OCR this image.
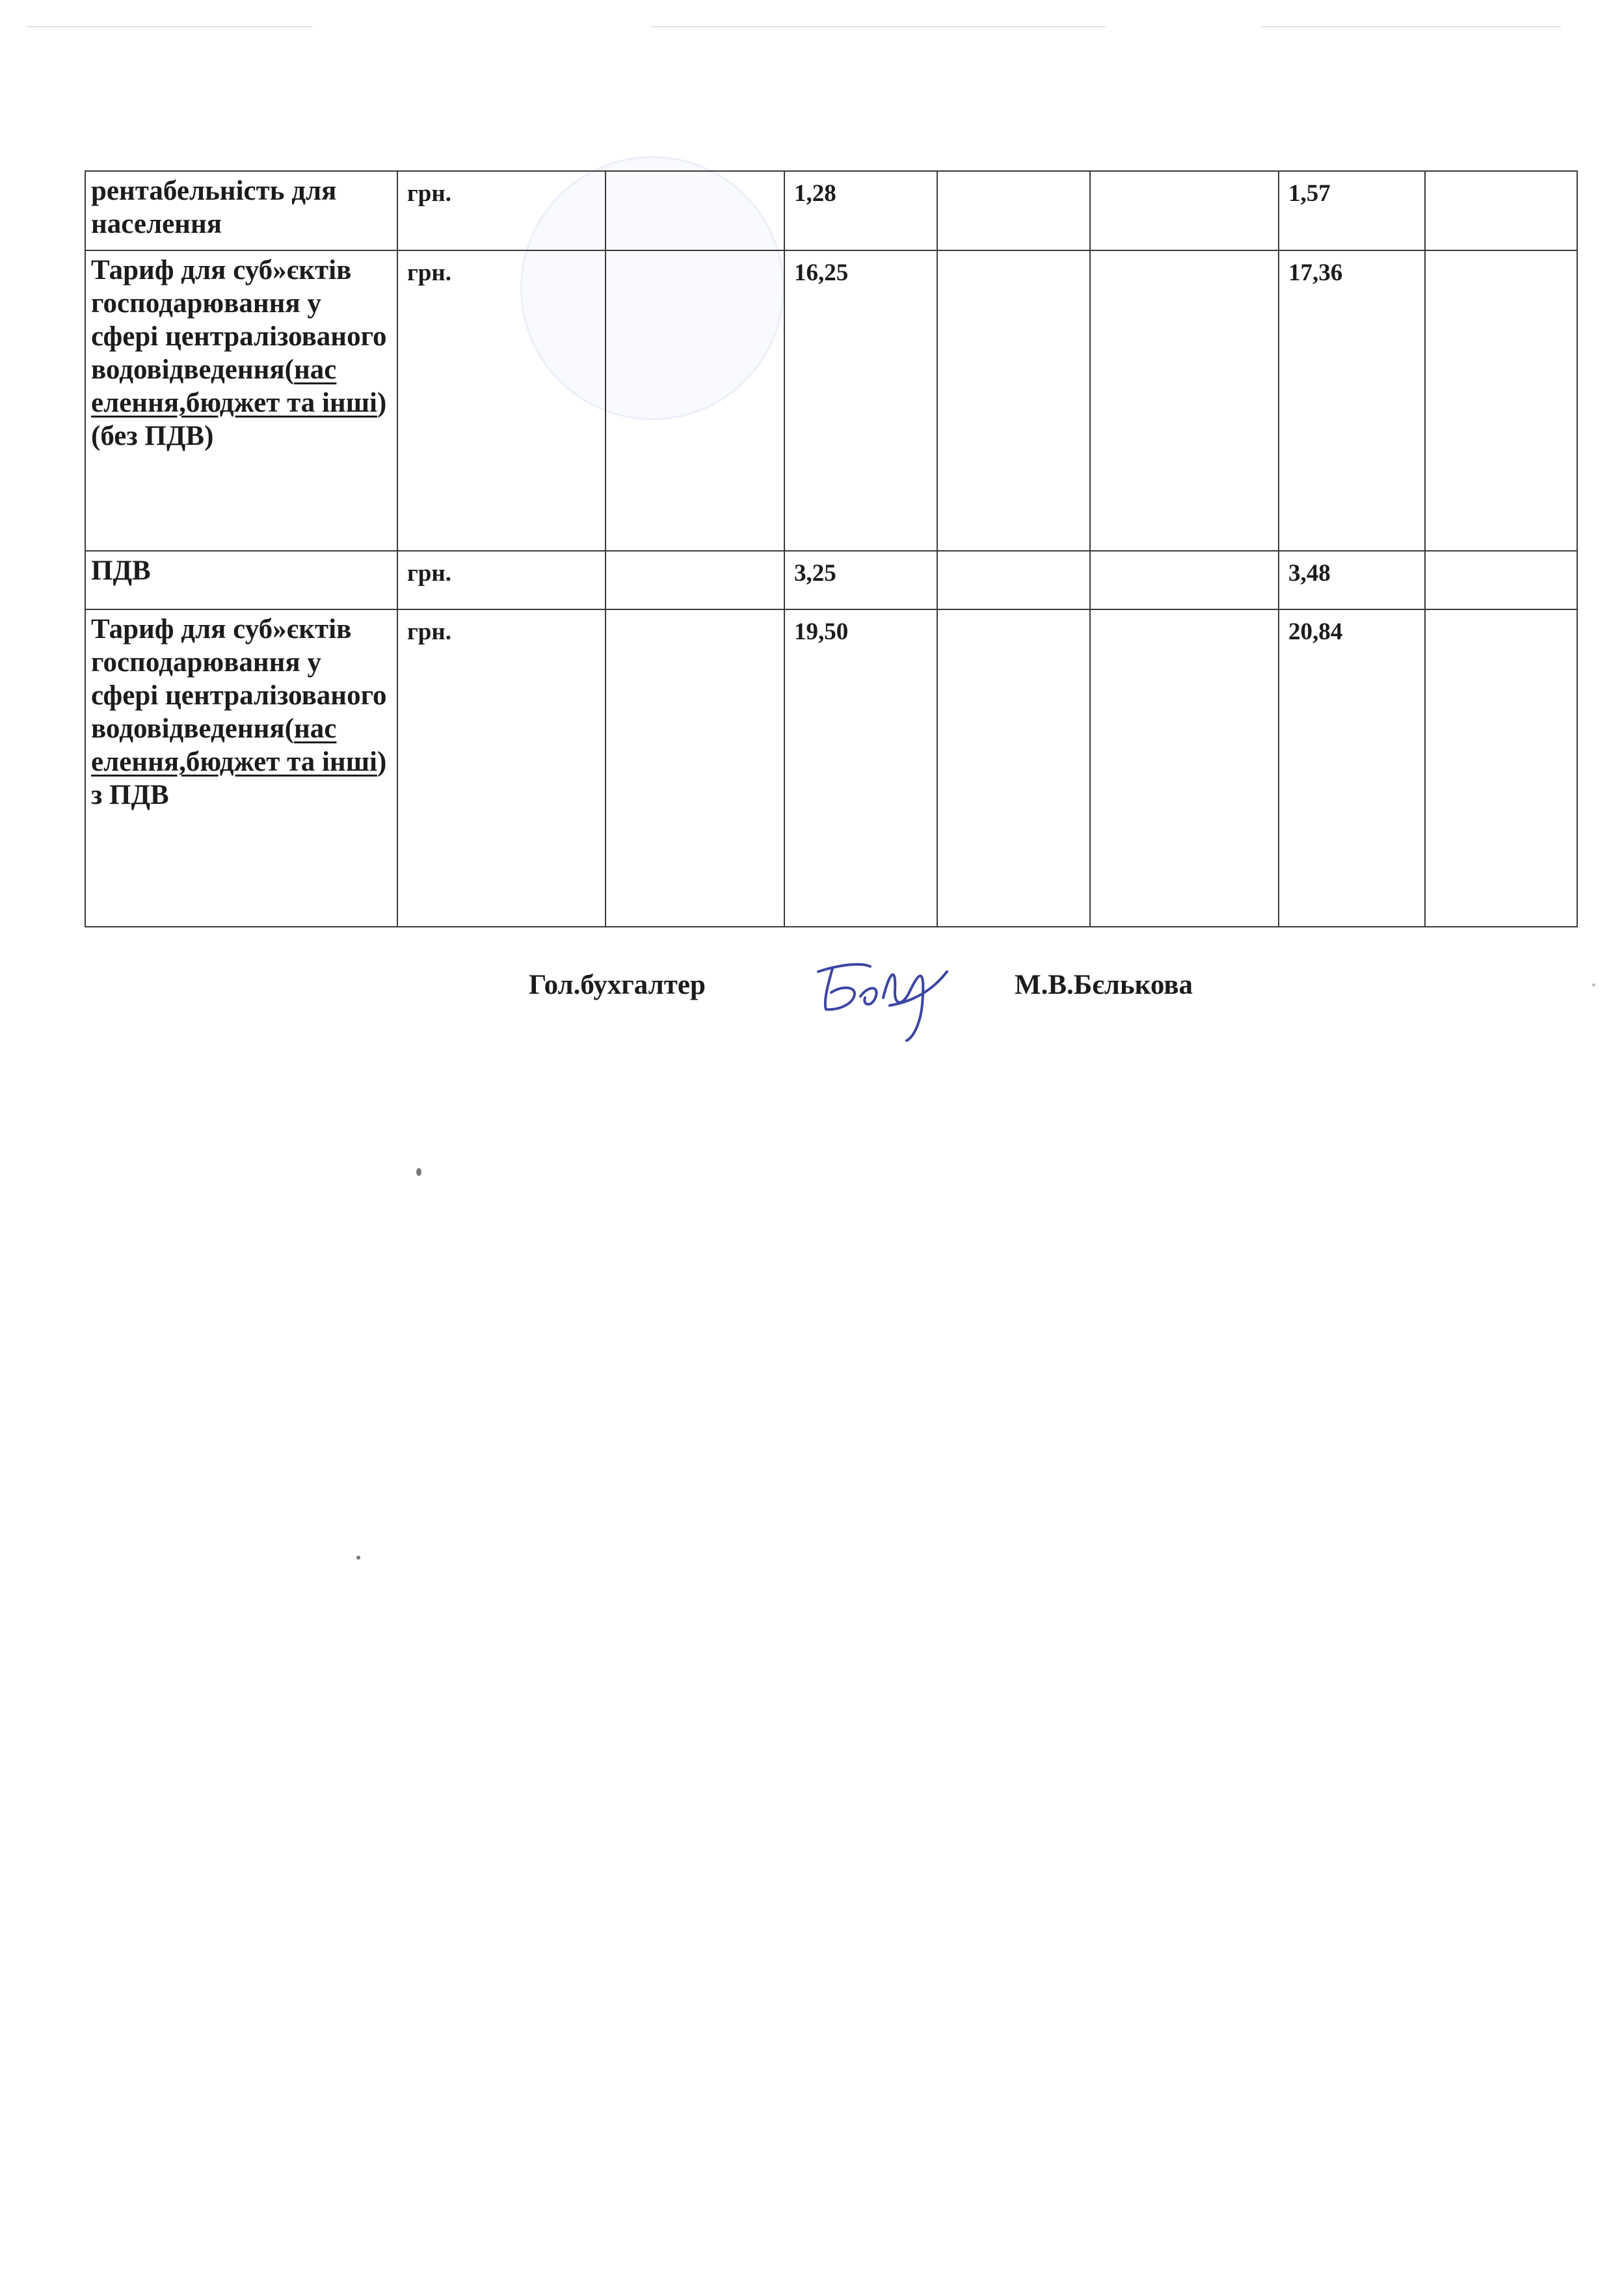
рентабельність для населення	грн.		1,28			1,57	
Тариф для суб»єктів господарювання у сфері централізованого водовідведення(нас елення,бюджет та інші) (без ПДВ)	грн.		16,25			17,36	
ПДВ	грн.		3,25			3,48	
Тариф для суб»єктів господарювання у сфері централізованого водовідведення(нас елення,бюджет та інші) з ПДВ	грн.		19,50			20,84	
Гол.бухгалтер	М.В.Бєлькова
